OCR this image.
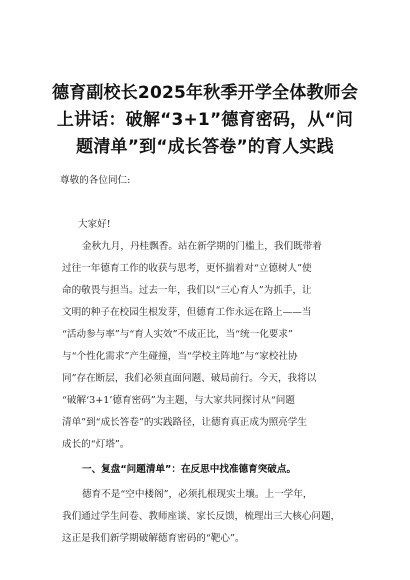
德育副校长2025年秋季开学全体教师会
上讲话：破解“3+1”德育密码，从“问
题清单”到“成长答卷”的育人实践
尊敬的各位同仁:
大家好!
金秋九月，丹桂飘香。站在新学期的门槛上，我们既带着
过往一年德育工作的收获与思考，更怀揣着对“立德树人”使
命的敬畏与担当。过去一年，我们以“三心育人”为抓手，让
文明的种子在校园生根发芽，但德育工作永远在路上——当
“活动参与率”与“育人实效”不成正比，当“统一化要求”
与“个性化需求”产生碰撞，当“学校主阵地”与“家校社协
同”存在断层，我们必须直面问题、破局前行。今天，我将以
“破解‘3+1’德育密码”为主题，与大家共同探讨从“问题
清单”到“成长答卷”的实践路径，让德育真正成为照亮学生
成长的“灯塔”。
一、复盘“问题清单”：在反思中找准德育突破点。
德育不是“空中楼阁”，必须扎根现实土壤。上一学年，
我们通过学生问卷、教师座谈、家长反馈，梳理出三大核心问题，
这正是我们新学期破解德育密码的“靶心”。
